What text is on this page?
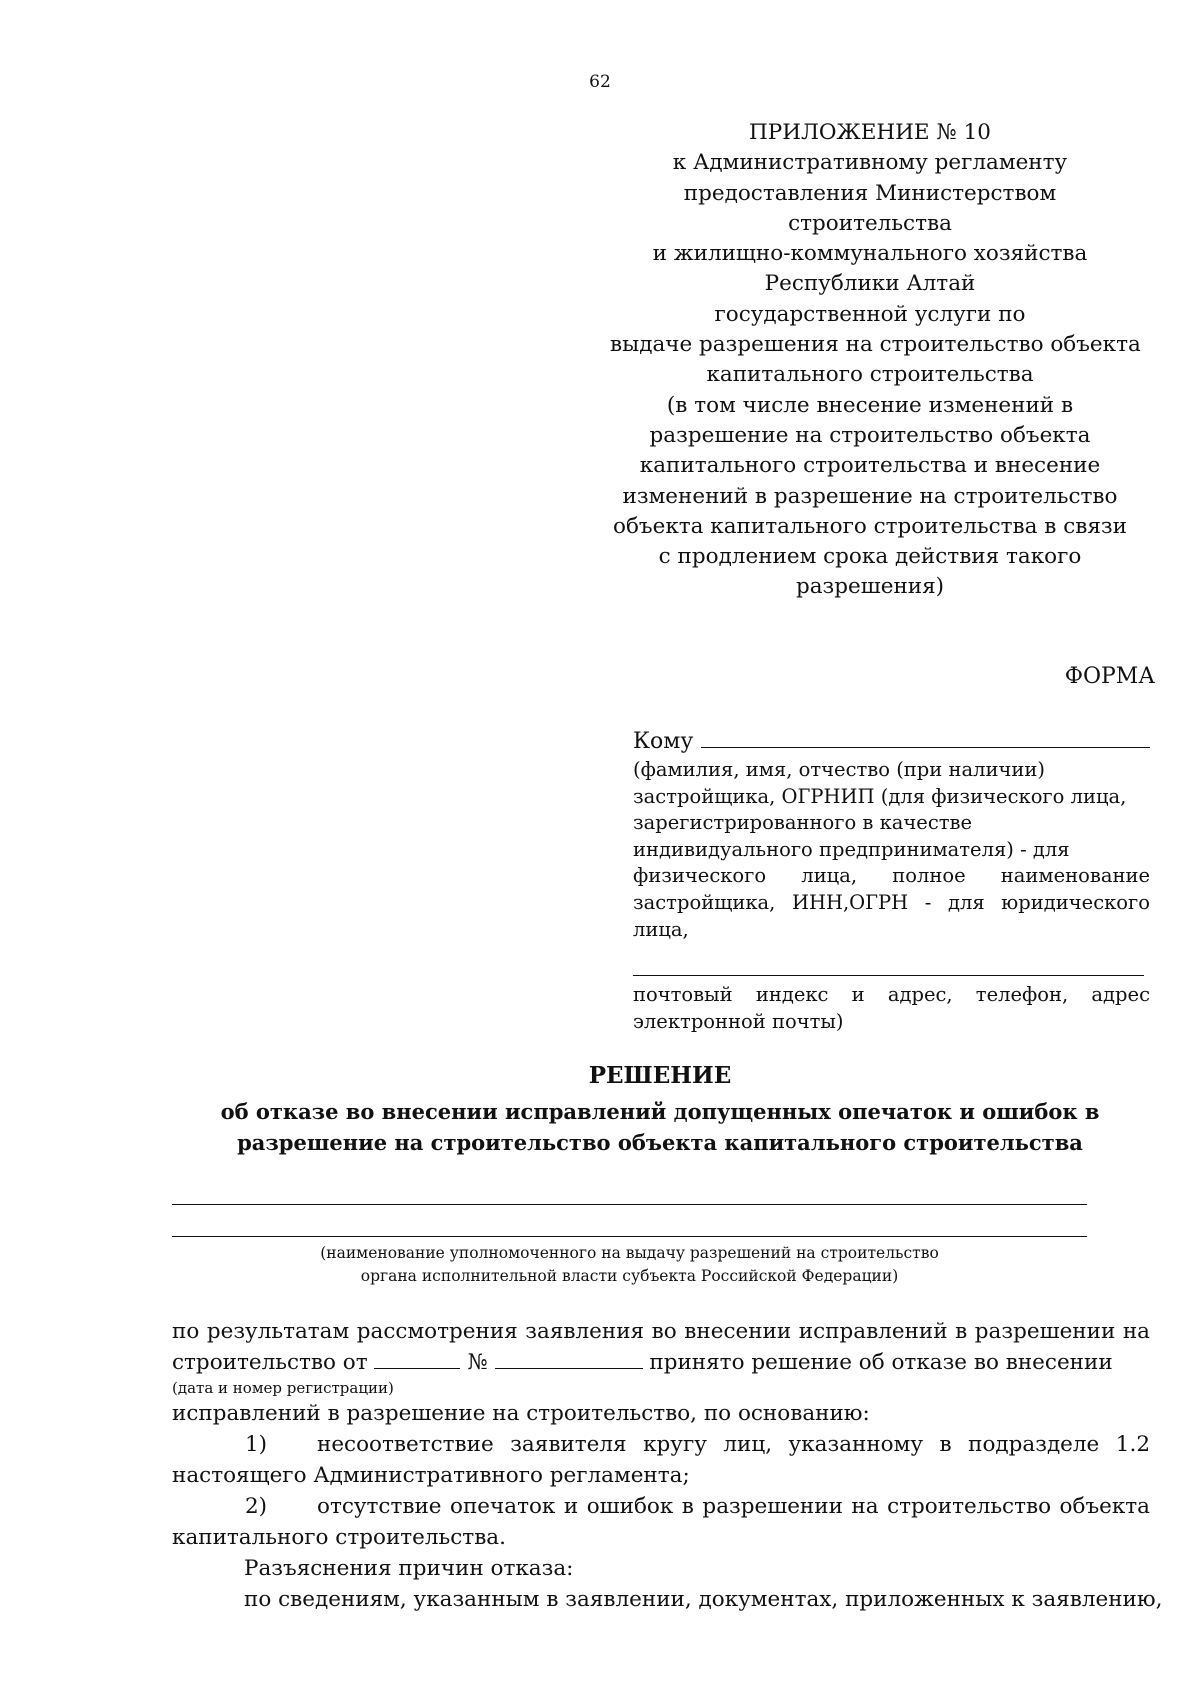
62
ПРИЛОЖЕНИЕ № 10
к Административному регламенту
предоставления Министерством
строительства
и жилищно-коммунального хозяйства
Республики Алтай
государственной услуги по
выдаче разрешения на строительство объекта
капитального строительства
(в том числе внесение изменений в
разрешение на строительство объекта
капитального строительства и внесение
изменений в разрешение на строительство
объекта капитального строительства в связи
с продлением срока действия такого
разрешения)
ФОРМА
Кому
(фамилия, имя, отчество (при наличии)
застройщика, ОГРНИП (для физического лица,
зарегистрированного в качестве
индивидуального предпринимателя) - для
физического лица, полное наименование
застройщика, ИНН,ОГРН - для юридического
лица,
почтовый индекс и адрес, телефон, адрес
электронной почты)
РЕШЕНИЕ
об отказе во внесении исправлений допущенных опечаток и ошибок в
разрешение на строительство объекта капитального строительства
(наименование уполномоченного на выдачу разрешений на строительство
органа исполнительной власти субъекта Российской Федерации)
по результатам рассмотрения заявления во внесении исправлений в разрешении на
строительство от	№	принято решение об отказе во внесении
(дата и номер регистрации)
исправлений в разрешение на строительство, по основанию:
1)	несоответствие заявителя кругу лиц, указанному в подразделе 1.2
настоящего Административного регламента;
2)	отсутствие опечаток и ошибок в разрешении на строительство объекта
капитального строительства.
Разъяснения причин отказа:
по сведениям, указанным в заявлении, документах, приложенных к заявлению,
